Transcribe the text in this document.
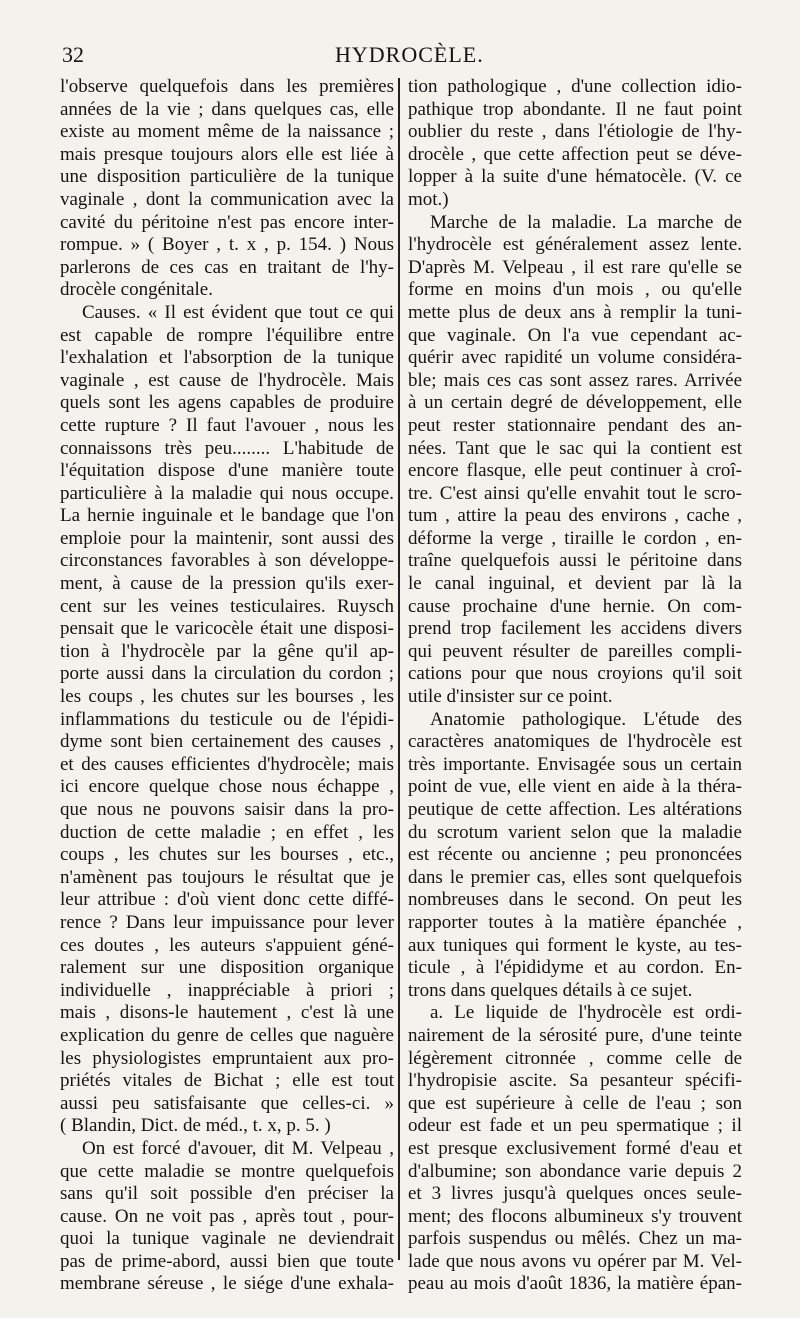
32	HYDROCÈLE.
l'observe quelquefois dans les premières
années de la vie ; dans quelques cas, elle
existe au moment même de la naissance ;
mais presque toujours alors elle est liée à
une disposition particulière de la tunique
vaginale , dont la communication avec la
cavité du péritoine n'est pas encore inter-
rompue. » ( Boyer , t. x , p. 154. ) Nous
parlerons de ces cas en traitant de l'hy-
drocèle congénitale.
Causes. « Il est évident que tout ce qui
est capable de rompre l'équilibre entre
l'exhalation et l'absorption de la tunique
vaginale , est cause de l'hydrocèle. Mais
quels sont les agens capables de produire
cette rupture ? Il faut l'avouer , nous les
connaissons très peu........ L'habitude de
l'équitation dispose d'une manière toute
particulière à la maladie qui nous occupe.
La hernie inguinale et le bandage que l'on
emploie pour la maintenir, sont aussi des
circonstances favorables à son développe-
ment, à cause de la pression qu'ils exer-
cent sur les veines testiculaires. Ruysch
pensait que le varicocèle était une disposi-
tion à l'hydrocèle par la gêne qu'il ap-
porte aussi dans la circulation du cordon ;
les coups , les chutes sur les bourses , les
inflammations du testicule ou de l'épidi-
dyme sont bien certainement des causes ,
et des causes efficientes d'hydrocèle; mais
ici encore quelque chose nous échappe ,
que nous ne pouvons saisir dans la pro-
duction de cette maladie ; en effet , les
coups , les chutes sur les bourses , etc.,
n'amènent pas toujours le résultat que je
leur attribue : d'où vient donc cette diffé-
rence ? Dans leur impuissance pour lever
ces doutes , les auteurs s'appuient géné-
ralement sur une disposition organique
individuelle , inappréciable à priori ;
mais , disons-le hautement , c'est là une
explication du genre de celles que naguère
les physiologistes empruntaient aux pro-
priétés vitales de Bichat ; elle est tout
aussi peu satisfaisante que celles-ci. »
( Blandin, Dict. de méd., t. x, p. 5. )
On est forcé d'avouer, dit M. Velpeau ,
que cette maladie se montre quelquefois
sans qu'il soit possible d'en préciser la
cause. On ne voit pas , après tout , pour-
quoi la tunique vaginale ne deviendrait
pas de prime-abord, aussi bien que toute
membrane séreuse , le siége d'une exhala-
tion pathologique , d'une collection idio-
pathique trop abondante. Il ne faut point
oublier du reste , dans l'étiologie de l'hy-
drocèle , que cette affection peut se déve-
lopper à la suite d'une hématocèle. (V. ce
mot.)
Marche de la maladie. La marche de
l'hydrocèle est généralement assez lente.
D'après M. Velpeau , il est rare qu'elle se
forme en moins d'un mois , ou qu'elle
mette plus de deux ans à remplir la tuni-
que vaginale. On l'a vue cependant ac-
quérir avec rapidité un volume considéra-
ble; mais ces cas sont assez rares. Arrivée
à un certain degré de développement, elle
peut rester stationnaire pendant des an-
nées. Tant que le sac qui la contient est
encore flasque, elle peut continuer à croî-
tre. C'est ainsi qu'elle envahit tout le scro-
tum , attire la peau des environs , cache ,
déforme la verge , tiraille le cordon , en-
traîne quelquefois aussi le péritoine dans
le canal inguinal, et devient par là la
cause prochaine d'une hernie. On com-
prend trop facilement les accidens divers
qui peuvent résulter de pareilles compli-
cations pour que nous croyions qu'il soit
utile d'insister sur ce point.
Anatomie pathologique. L'étude des
caractères anatomiques de l'hydrocèle est
très importante. Envisagée sous un certain
point de vue, elle vient en aide à la théra-
peutique de cette affection. Les altérations
du scrotum varient selon que la maladie
est récente ou ancienne ; peu prononcées
dans le premier cas, elles sont quelquefois
nombreuses dans le second. On peut les
rapporter toutes à la matière épanchée ,
aux tuniques qui forment le kyste, au tes-
ticule , à l'épididyme et au cordon. En-
trons dans quelques détails à ce sujet.
a. Le liquide de l'hydrocèle est ordi-
nairement de la sérosité pure, d'une teinte
légèrement citronnée , comme celle de
l'hydropisie ascite. Sa pesanteur spécifi-
que est supérieure à celle de l'eau ; son
odeur est fade et un peu spermatique ; il
est presque exclusivement formé d'eau et
d'albumine; son abondance varie depuis 2
et 3 livres jusqu'à quelques onces seule-
ment; des flocons albumineux s'y trouvent
parfois suspendus ou mêlés. Chez un ma-
lade que nous avons vu opérer par M. Vel-
peau au mois d'août 1836, la matière épan-
